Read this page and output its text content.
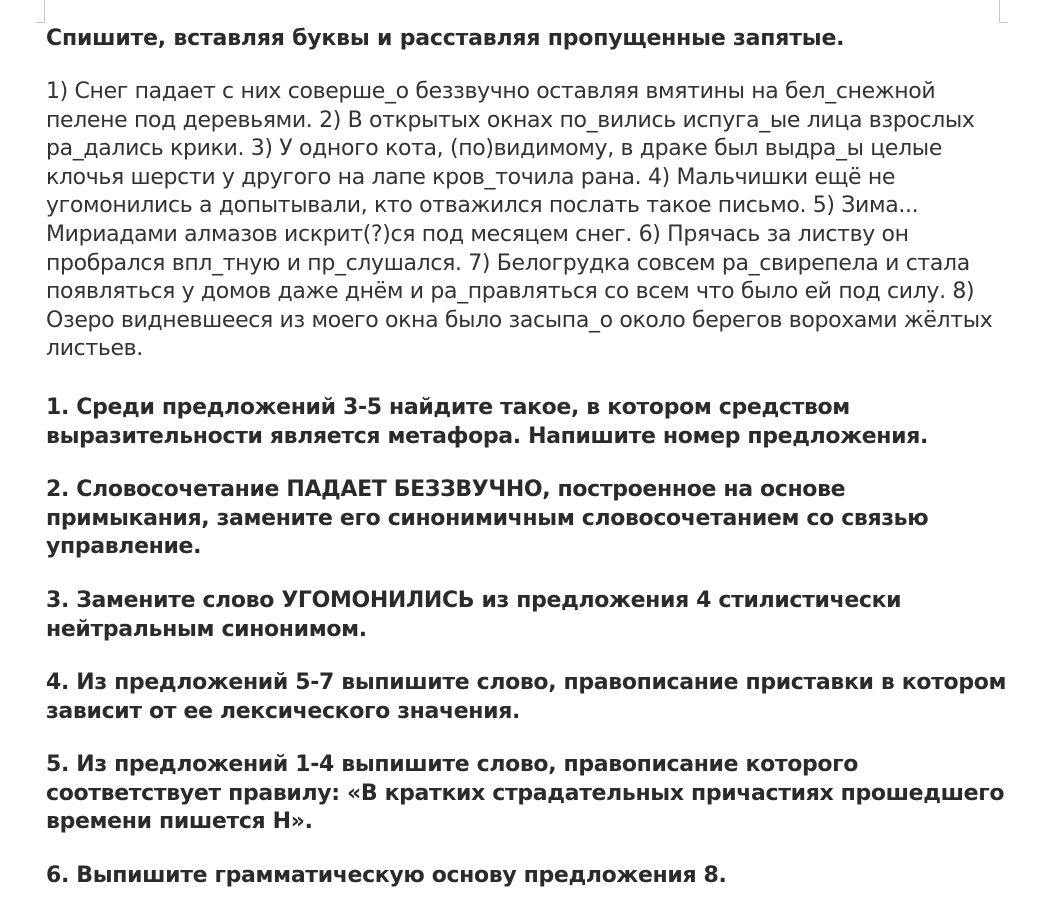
Спишите, вставляя буквы и расставляя пропущенные запятые.

1) Снег падает с них соверше_о беззвучно оставляя вмятины на бел_снежной пелене под деревьями. 2) В открытых окнах по_вились испуга_ые лица взрослых ра_дались крики. 3) У одного кота, (по)видимому, в драке был выдра_ы целые клочья шерсти у другого на лапе кров_точила рана. 4) Мальчишки ещё не угомонились а допытывали, кто отважился послать такое письмо. 5) Зима... Мириадами алмазов искрит(?)ся под месяцем снег. 6) Прячась за листву он пробрался впл_тную и пр_слушался. 7) Белогрудка совсем ра_свирепела и стала появляться у домов даже днём и ра_правляться со всем что было ей под силу. 8) Озеро видневшееся из моего окна было засыпа_о около берегов ворохами жёлтых листьев.

1. Среди предложений 3-5 найдите такое, в котором средством выразительности является метафора. Напишите номер предложения.

2. Словосочетание ПАДАЕТ БЕЗЗВУЧНО, построенное на основе примыкания, замените его синонимичным словосочетанием со связью управление.

3. Замените слово УГОМОНИЛИСЬ из предложения 4 стилистически нейтральным синонимом.

4. Из предложений 5-7 выпишите слово, правописание приставки в котором зависит от ее лексического значения.

5. Из предложений 1-4 выпишите слово, правописание которого соответствует правилу: «В кратких страдательных причастиях прошедшего времени пишется Н».

6. Выпишите грамматическую основу предложения 8.
